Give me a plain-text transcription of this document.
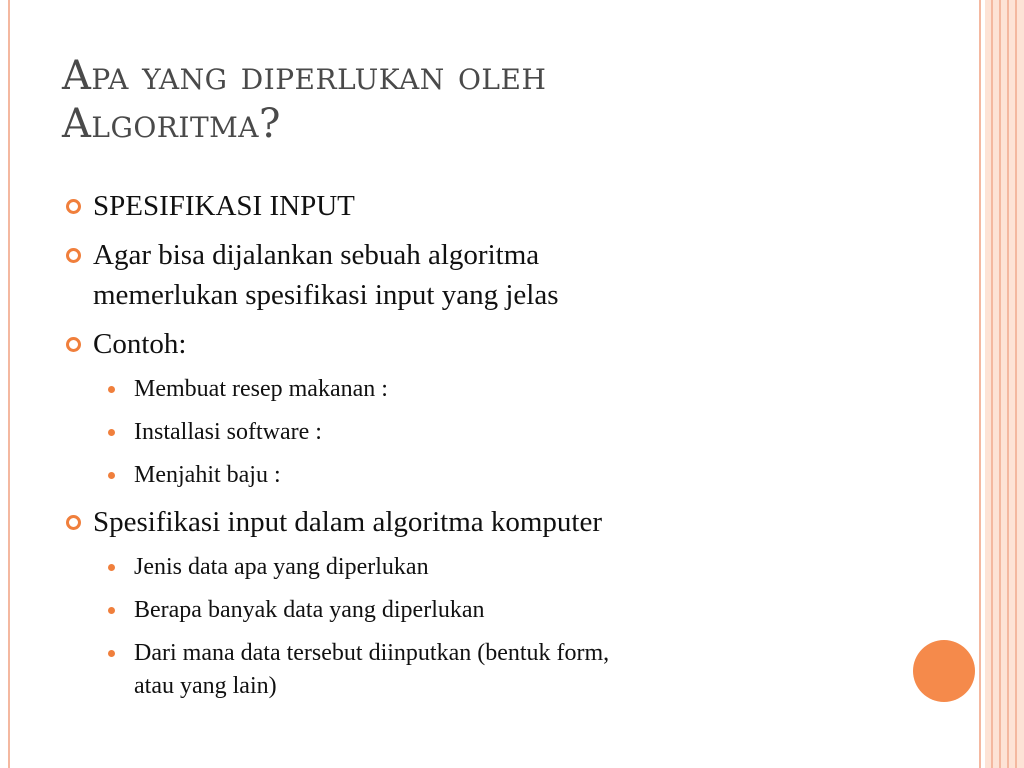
Apa yang diperlukan oleh
Algoritma?
SPESIFIKASI INPUT
Agar bisa dijalankan sebuah algoritma
memerlukan spesifikasi input yang jelas
Contoh:
Membuat resep makanan :
Installasi software :
Menjahit baju :
Spesifikasi input dalam algoritma komputer
Jenis data apa yang diperlukan
Berapa banyak data yang diperlukan
Dari mana data tersebut diinputkan (bentuk form,
atau yang lain)
